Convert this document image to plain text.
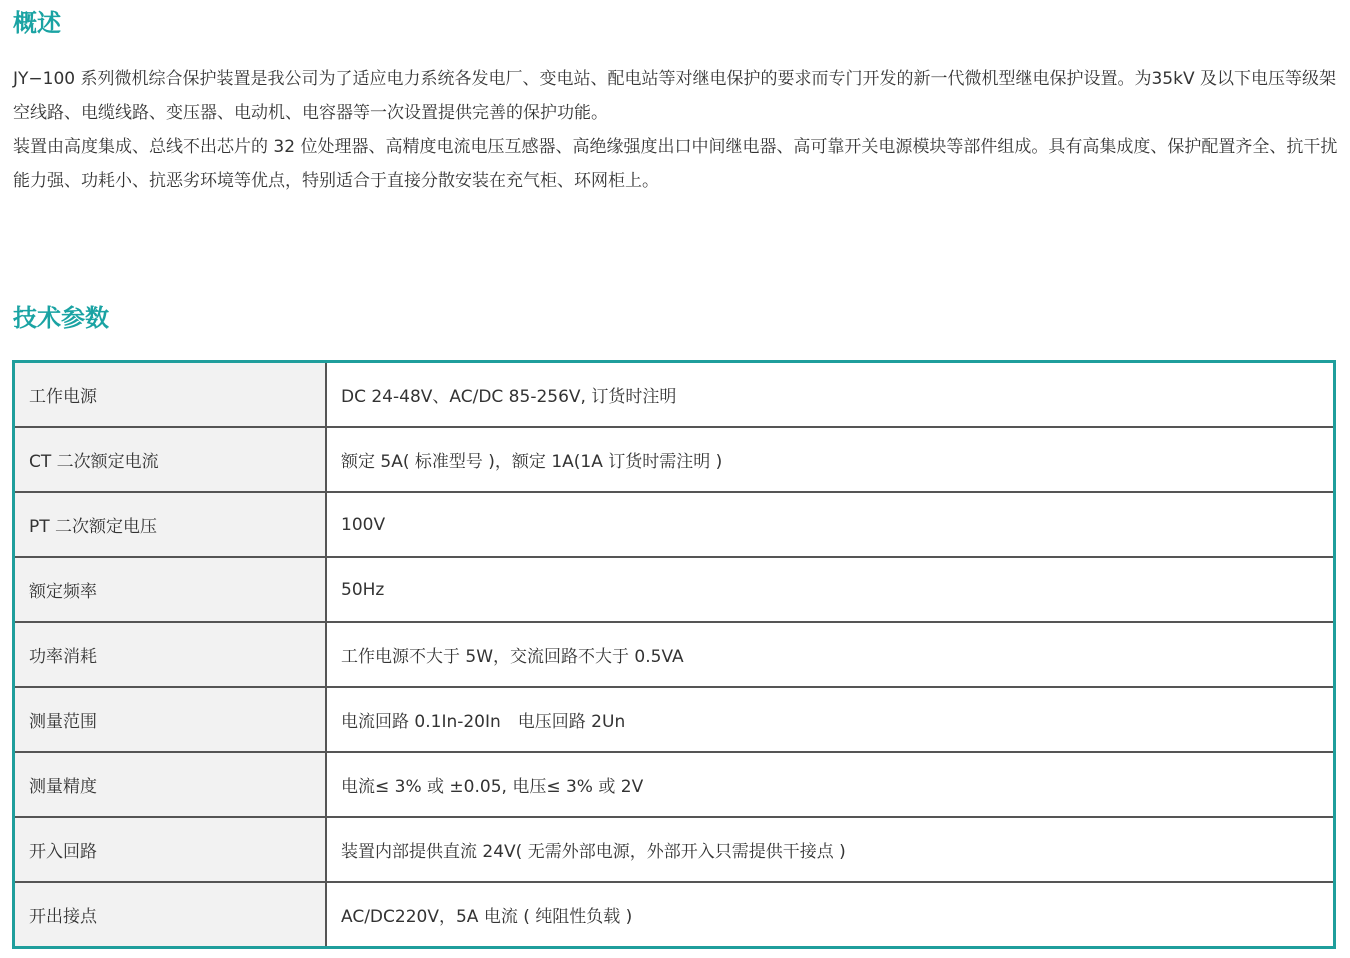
概述

JY−100 系列微机综合保护装置是我公司为了适应电力系统各发电厂、变电站、配电站等对继电保护的要求而专门开发的新一代微机型继电保护设置。为35kV 及以下电压等级架空线路、电缆线路、变压器、电动机、电容器等一次设置提供完善的保护功能。

装置由高度集成、总线不出芯片的 32 位处理器、高精度电流电压互感器、高绝缘强度出口中间继电器、高可靠开关电源模块等部件组成。具有高集成度、保护配置齐全、抗干扰能力强、功耗小、抗恶劣环境等优点，特别适合于直接分散安装在充气柜、环网柜上。

技术参数
工作电源	DC 24-48V、AC/DC 85-256V, 订货时注明
CT 二次额定电流	额定 5A( 标准型号 )，额定 1A(1A 订货时需注明 )
PT 二次额定电压	100V
额定频率	50Hz
功率消耗	工作电源不大于 5W，交流回路不大于 0.5VA
测量范围	电流回路 0.1In-20In　电压回路 2Un
测量精度	电流≤ 3% 或 ±0.05, 电压≤ 3% 或 2V
开入回路	装置内部提供直流 24V( 无需外部电源，外部开入只需提供干接点 )
开出接点	AC/DC220V，5A 电流 ( 纯阻性负载 )
